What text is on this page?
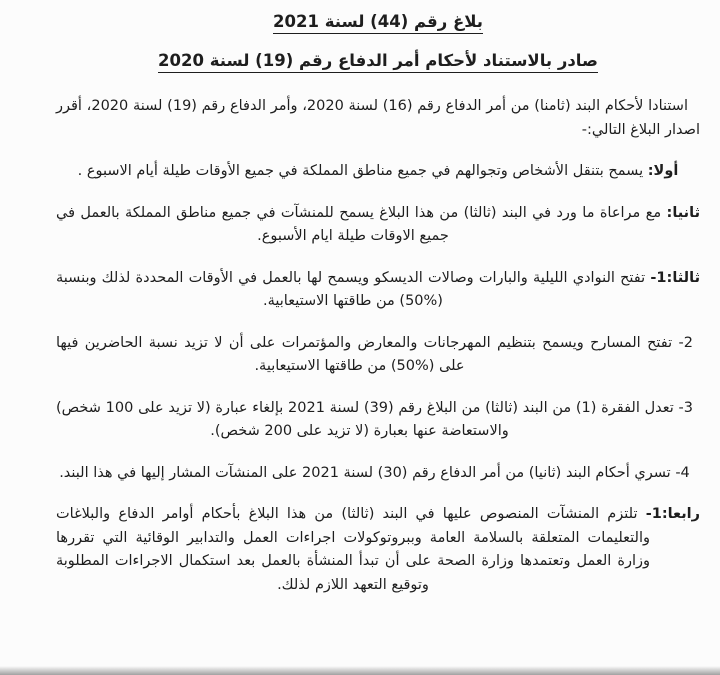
بلاغ رقم (44) لسنة 2021
صادر بالاستناد لأحكام أمر الدفاع رقم (19) لسنة 2020

استنادا لأحكام البند (ثامنا) من أمر الدفاع رقم (16) لسنة 2020، وأمر الدفاع رقم (19) لسنة 2020، أقرر اصدار البلاغ التالي:-

أولا: يسمح بتنقل الأشخاص وتجوالهم في جميع مناطق المملكة في جميع الأوقات طيلة أيام الاسبوع .

ثانيا: مع مراعاة ما ورد في البند (ثالثا) من هذا البلاغ يسمح للمنشآت في جميع مناطق المملكة بالعمل في جميع الاوقات طيلة ايام الأسبوع.

ثالثا:1- تفتح النوادي الليلية والبارات وصالات الديسكو ويسمح لها بالعمل في الأوقات المحددة لذلك وبنسبة (%50) من طاقتها الاستيعابية.

2- تفتح المسارح ويسمح بتنظيم المهرجانات والمعارض والمؤتمرات على أن لا تزيد نسبة الحاضرين فيها على (%50) من طاقتها الاستيعابية.

3- تعدل الفقرة (1) من البند (ثالثا) من البلاغ رقم (39) لسنة 2021 بإلغاء عبارة (لا تزيد على 100 شخص) والاستعاضة عنها بعبارة (لا تزيد على 200 شخص).

4- تسري أحكام البند (ثانيا) من أمر الدفاع رقم (30) لسنة 2021 على المنشآت المشار إليها في هذا البند.

رابعا:1- تلتزم المنشآت المنصوص عليها في البند (ثالثا) من هذا البلاغ بأحكام أوامر الدفاع والبلاغات والتعليمات المتعلقة بالسلامة العامة وببروتوكولات اجراءات العمل والتدابير الوقائية التي تقررها وزارة العمل وتعتمدها وزارة الصحة على أن تبدأ المنشأة بالعمل بعد استكمال الاجراءات المطلوبة وتوقيع التعهد اللازم لذلك.
